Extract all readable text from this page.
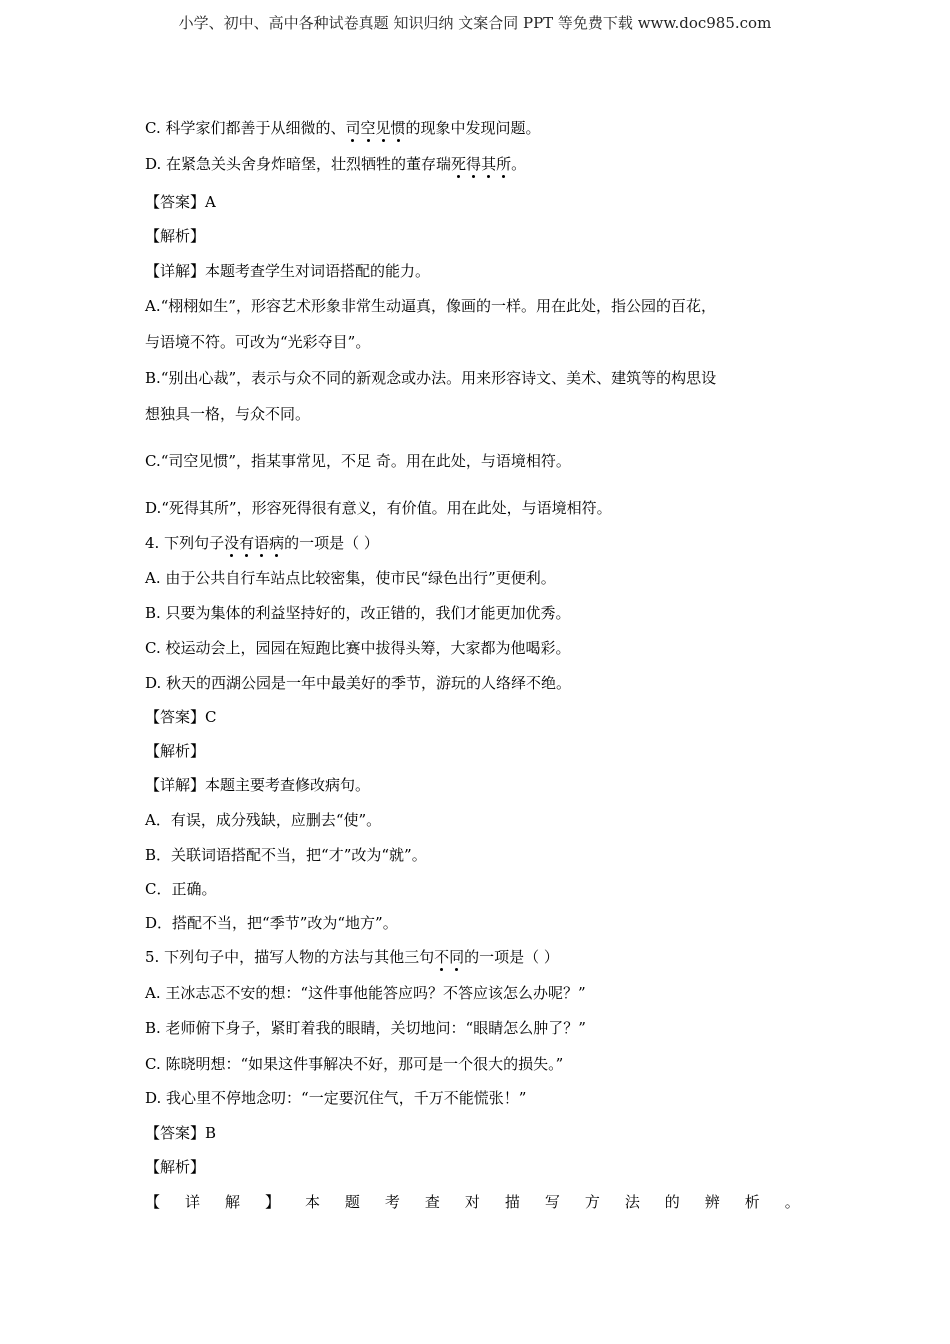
小学、初中、高中各种试卷真题 知识归纳 文案合同 PPT 等免费下载 www.doc985.com
C. 科学家们都善于从细微的、司空见惯的现象中发现问题。
D. 在紧急关头舍身炸暗堡，壮烈牺牲的董存瑞死得其所。
【答案】A
【解析】
【详解】本题考查学生对词语搭配的能力。
A.“栩栩如生”，形容艺术形象非常生动逼真，像画的一样。用在此处，指公园的百花，
与语境不符。可改为“光彩夺目”。
B.“别出心裁”，表示与众不同的新观念或办法。用来形容诗文、美术、建筑等的构思设
想独具一格，与众不同。
C.“司空见惯”，指某事常见，不足 奇。用在此处，与语境相符。
D.“死得其所”，形容死得很有意义，有价值。用在此处，与语境相符。
4. 下列句子没有语病的一项是（ ）
A. 由于公共自行车站点比较密集，使市民“绿色出行”更便利。
B. 只要为集体的利益坚持好的，改正错的，我们才能更加优秀。
C. 校运动会上，园园在短跑比赛中拔得头筹，大家都为他喝彩。
D. 秋天的西湖公园是一年中最美好的季节，游玩的人络绎不绝。
【答案】C
【解析】
【详解】本题主要考查修改病句。
A．有误，成分残缺，应删去“使”。
B．关联词语搭配不当，把“才”改为“就”。
C．正确。
D．搭配不当，把“季节”改为“地方”。
5. 下列句子中，描写人物的方法与其他三句不同的一项是（ ）
A. 王冰志忑不安的想：“这件事他能答应吗？不答应该怎么办呢？”
B. 老师俯下身子，紧盯着我的眼睛，关切地问：“眼睛怎么肿了？”
C. 陈晓明想：“如果这件事解决不好，那可是一个很大的损失。”
D. 我心里不停地念叨：“一定要沉住气，千万不能慌张！”
【答案】B
【解析】
【 详 解 】 本 题 考 查 对 描 写 方 法 的 辨 析 。
